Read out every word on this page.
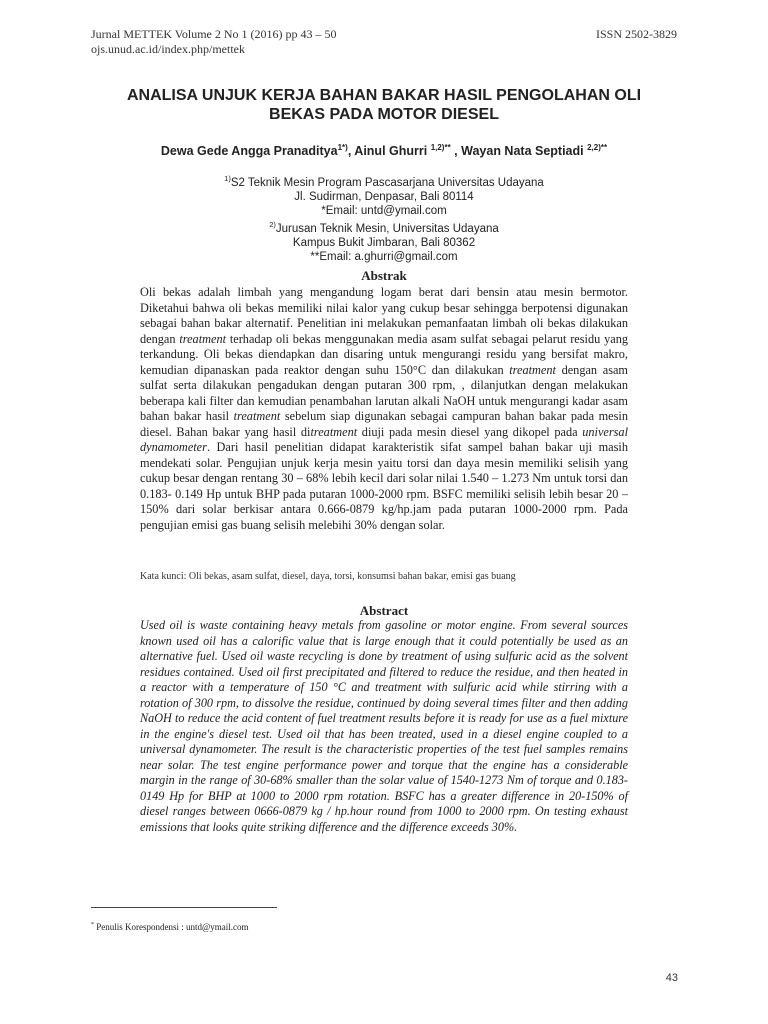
Jurnal METTEK Volume 2 No 1 (2016) pp 43 – 50	ISSN 2502-3829
ojs.unud.ac.id/index.php/mettek
ANALISA UNJUK KERJA BAHAN BAKAR HASIL PENGOLAHAN OLI
BEKAS PADA MOTOR DIESEL
Dewa Gede Angga Pranaditya$^{1*)}$, Ainul Ghurri $^{1,2)**}$ , Wayan Nata Septiadi $^{2,2)**}$
$^{1)}$S2 Teknik Mesin Program Pascasarjana Universitas Udayana
Jl. Sudirman, Denpasar, Bali 80114
*Email: untd@ymail.com
$^{2)}$Jurusan Teknik Mesin, Universitas Udayana
Kampus Bukit Jimbaran, Bali 80362
**Email: a.ghurri@gmail.com
Abstrak
Oli bekas adalah limbah yang mengandung logam berat dari bensin atau mesin bermotor. Diketahui bahwa oli bekas memiliki nilai kalor yang cukup besar sehingga berpotensi digunakan sebagai bahan bakar alternatif. Penelitian ini melakukan pemanfaatan limbah oli bekas dilakukan dengan treatment terhadap oli bekas menggunakan media asam sulfat sebagai pelarut residu yang terkandung. Oli bekas diendapkan dan disaring untuk mengurangi residu yang bersifat makro, kemudian dipanaskan pada reaktor dengan suhu 150°C dan dilakukan treatment dengan asam sulfat serta dilakukan pengadukan dengan putaran 300 rpm, , dilanjutkan dengan melakukan beberapa kali filter dan kemudian penambahan larutan alkali NaOH untuk mengurangi kadar asam bahan bakar hasil treatment sebelum siap digunakan sebagai campuran bahan bakar pada mesin diesel. Bahan bakar yang hasil ditreatment diuji pada mesin diesel yang dikopel pada universal dynamometer. Dari hasil penelitian didapat karakteristik sifat sampel bahan bakar uji masih mendekati solar. Pengujian unjuk kerja mesin yaitu torsi dan daya mesin memiliki selisih yang cukup besar dengan rentang 30 – 68% lebih kecil dari solar nilai 1.540 – 1.273 Nm untuk torsi dan 0.183- 0.149 Hp untuk BHP pada putaran 1000-2000 rpm. BSFC memiliki selisih lebih besar 20 – 150% dari solar berkisar antara 0.666-0879 kg/hp.jam pada putaran 1000-2000 rpm. Pada pengujian emisi gas buang selisih melebihi 30% dengan solar.
Kata kunci: Oli bekas, asam sulfat, diesel, daya, torsi, konsumsi bahan bakar, emisi gas buang
Abstract
Used oil is waste containing heavy metals from gasoline or motor engine. From several sources known used oil has a calorific value that is large enough that it could potentially be used as an alternative fuel. Used oil waste recycling is done by treatment of using sulfuric acid as the solvent residues contained. Used oil first precipitated and filtered to reduce the residue, and then heated in a reactor with a temperature of 150 °C and treatment with sulfuric acid while stirring with a rotation of 300 rpm, to dissolve the residue, continued by doing several times filter and then adding NaOH to reduce the acid content of fuel treatment results before it is ready for use as a fuel mixture in the engine's diesel test. Used oil that has been treated, used in a diesel engine coupled to a universal dynamometer. The result is the characteristic properties of the test fuel samples remains near solar. The test engine performance power and torque that the engine has a considerable margin in the range of 30-68% smaller than the solar value of 1540-1273 Nm of torque and 0.183- 0149 Hp for BHP at 1000 to 2000 rpm rotation. BSFC has a greater difference in 20-150% of diesel ranges between 0666-0879 kg / hp.hour round from 1000 to 2000 rpm. On testing exhaust emissions that looks quite striking difference and the difference exceeds 30%.
* Penulis Korespondensi : untd@ymail.com
43
